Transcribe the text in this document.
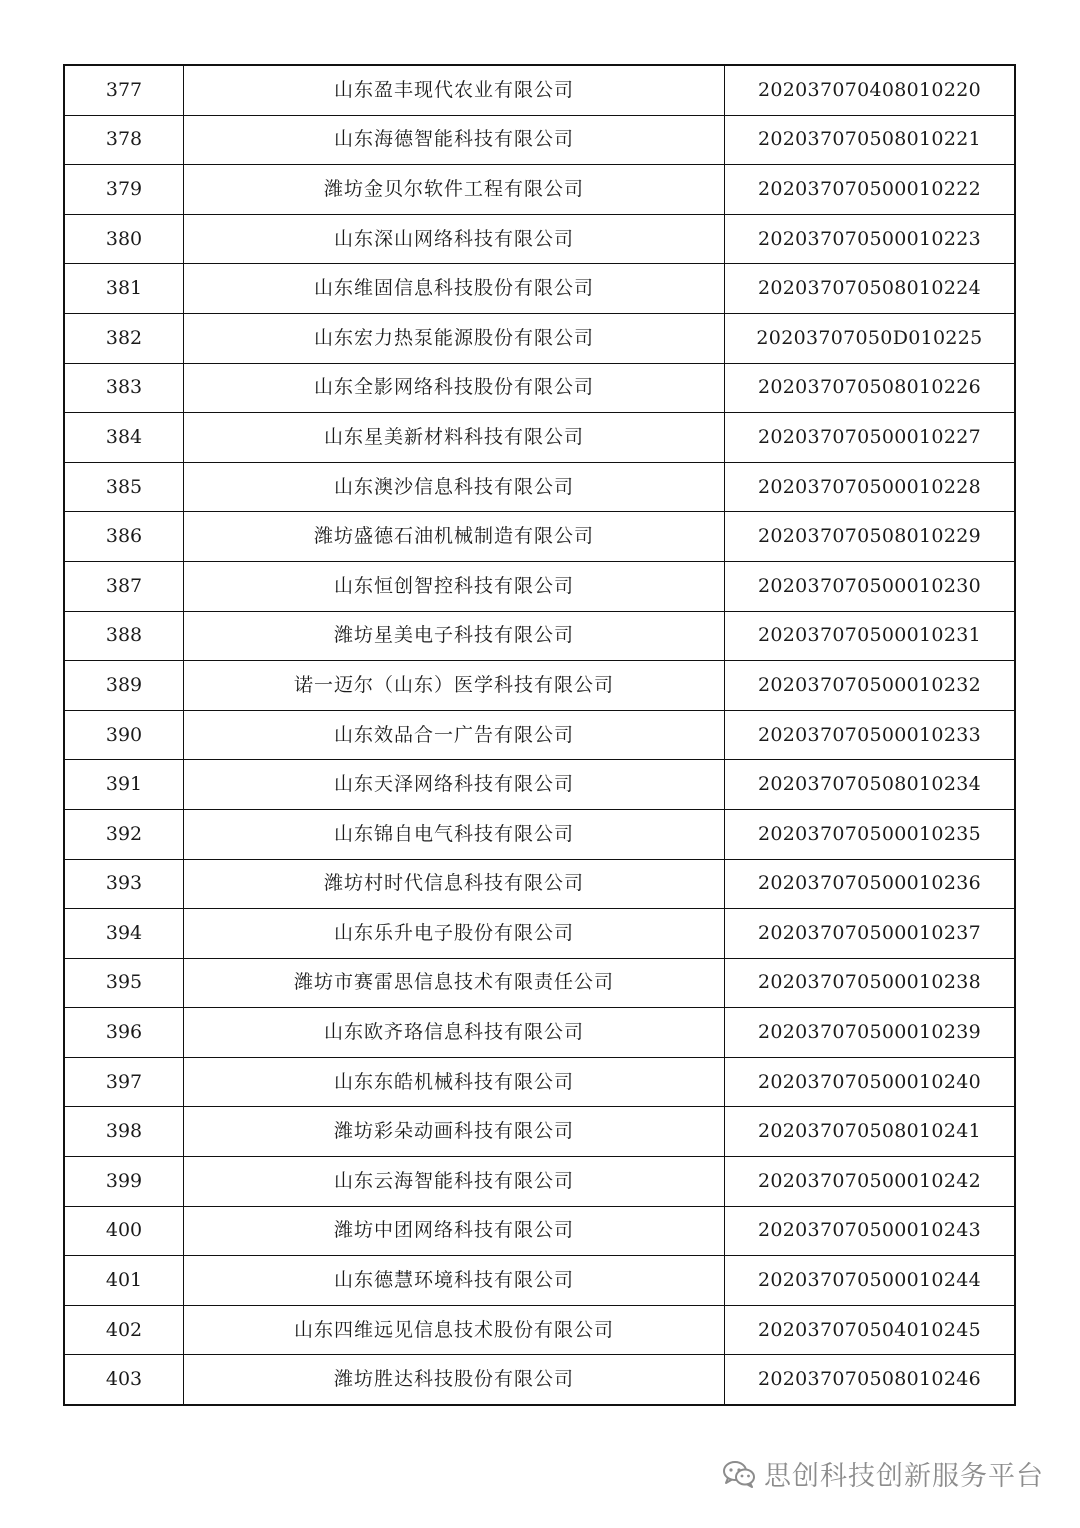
377	山东盈丰现代农业有限公司	202037070408010220
378	山东海德智能科技有限公司	202037070508010221
379	潍坊金贝尔软件工程有限公司	202037070500010222
380	山东深山网络科技有限公司	202037070500010223
381	山东维固信息科技股份有限公司	202037070508010224
382	山东宏力热泵能源股份有限公司	20203707050D010225
383	山东全影网络科技股份有限公司	202037070508010226
384	山东星美新材料科技有限公司	202037070500010227
385	山东澳沙信息科技有限公司	202037070500010228
386	潍坊盛德石油机械制造有限公司	202037070508010229
387	山东恒创智控科技有限公司	202037070500010230
388	潍坊星美电子科技有限公司	202037070500010231
389	诺一迈尔（山东）医学科技有限公司	202037070500010232
390	山东效品合一广告有限公司	202037070500010233
391	山东天泽网络科技有限公司	202037070508010234
392	山东锦自电气科技有限公司	202037070500010235
393	潍坊村时代信息科技有限公司	202037070500010236
394	山东乐升电子股份有限公司	202037070500010237
395	潍坊市赛雷思信息技术有限责任公司	202037070500010238
396	山东欧齐珞信息科技有限公司	202037070500010239
397	山东东皓机械科技有限公司	202037070500010240
398	潍坊彩朵动画科技有限公司	202037070508010241
399	山东云海智能科技有限公司	202037070500010242
400	潍坊中团网络科技有限公司	202037070500010243
401	山东德慧环境科技有限公司	202037070500010244
402	山东四维远见信息技术股份有限公司	202037070504010245
403	潍坊胜达科技股份有限公司	202037070508010246
思创科技创新服务平台
